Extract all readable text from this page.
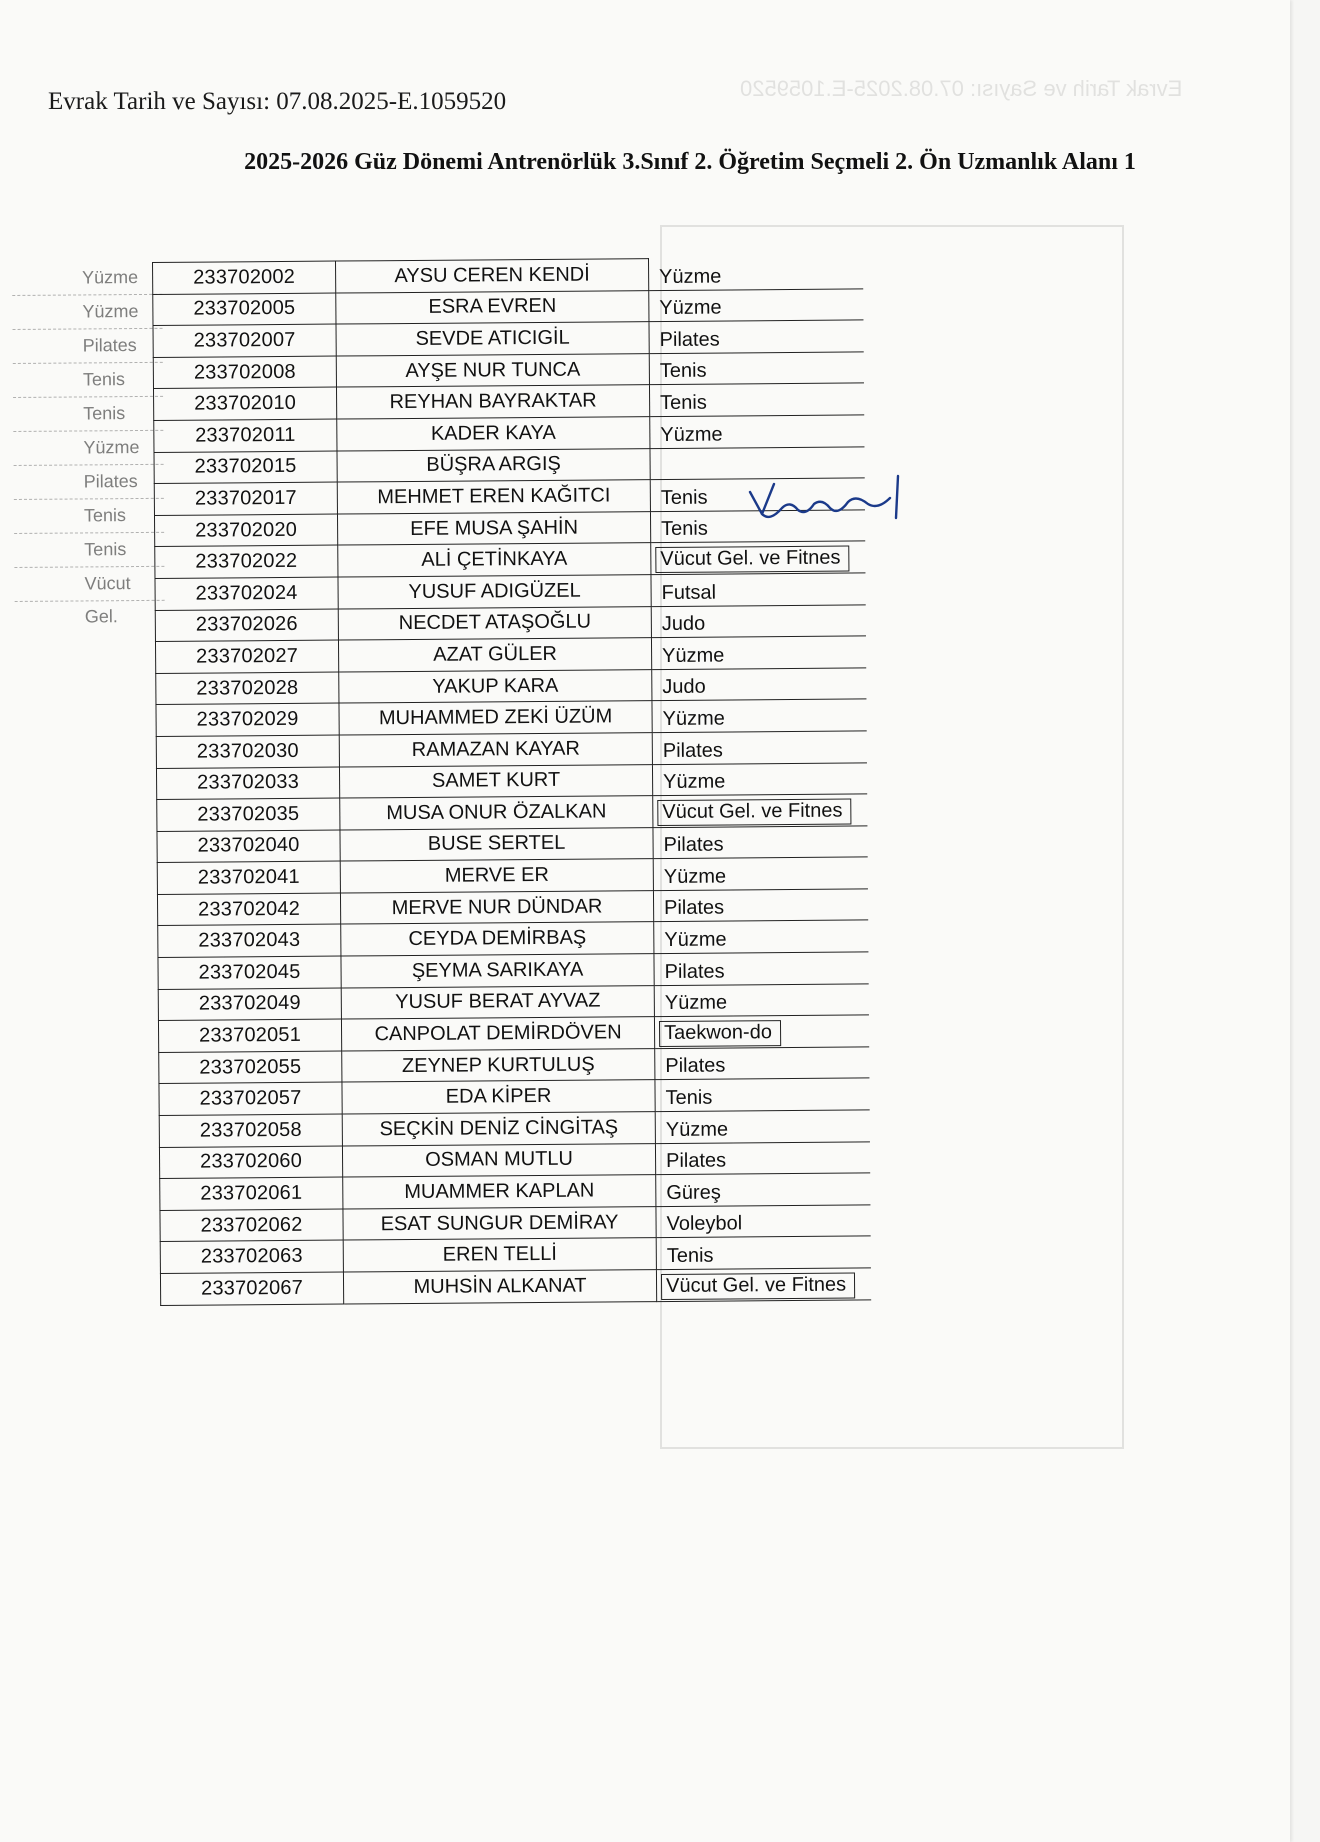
Evrak Tarih ve Sayısı: 07.08.2025-E.1059520
Evrak Tarih ve Sayısı: 07.08.2025-E.1059520
2025-2026 Güz Dönemi Antrenörlük 3.Sınıf 2. Öğretim Seçmeli 2. Ön Uzmanlık Alanı 1
Yüzme
Yüzme
Pilates
Tenis
Tenis
Yüzme
Pilates
Tenis
Tenis
Vücut Gel.
233702002	AYSU CEREN KENDİ	Yüzme
233702005	ESRA EVREN	Yüzme
233702007	SEVDE ATICIGİL	Pilates
233702008	AYŞE NUR TUNCA	Tenis
233702010	REYHAN BAYRAKTAR	Tenis
233702011	KADER KAYA	Yüzme
233702015	BÜŞRA ARGIŞ	
233702017	MEHMET EREN KAĞITCI	Tenis
233702020	EFE MUSA ŞAHİN	Tenis
233702022	ALİ ÇETİNKAYA	Vücut Gel. ve Fitnes
233702024	YUSUF ADIGÜZEL	Futsal
233702026	NECDET ATAŞOĞLU	Judo
233702027	AZAT GÜLER	Yüzme
233702028	YAKUP KARA	Judo
233702029	MUHAMMED ZEKİ ÜZÜM	Yüzme
233702030	RAMAZAN KAYAR	Pilates
233702033	SAMET KURT	Yüzme
233702035	MUSA ONUR ÖZALKAN	Vücut Gel. ve Fitnes
233702040	BUSE SERTEL	Pilates
233702041	MERVE ER	Yüzme
233702042	MERVE NUR DÜNDAR	Pilates
233702043	CEYDA DEMİRBAŞ	Yüzme
233702045	ŞEYMA SARIKAYA	Pilates
233702049	YUSUF BERAT AYVAZ	Yüzme
233702051	CANPOLAT DEMİRDÖVEN	Taekwon-do
233702055	ZEYNEP KURTULUŞ	Pilates
233702057	EDA KİPER	Tenis
233702058	SEÇKİN DENİZ CİNGİTAŞ	Yüzme
233702060	OSMAN MUTLU	Pilates
233702061	MUAMMER KAPLAN	Güreş
233702062	ESAT SUNGUR DEMİRAY	Voleybol
233702063	EREN TELLİ	Tenis
233702067	MUHSİN ALKANAT	Vücut Gel. ve Fitnes
